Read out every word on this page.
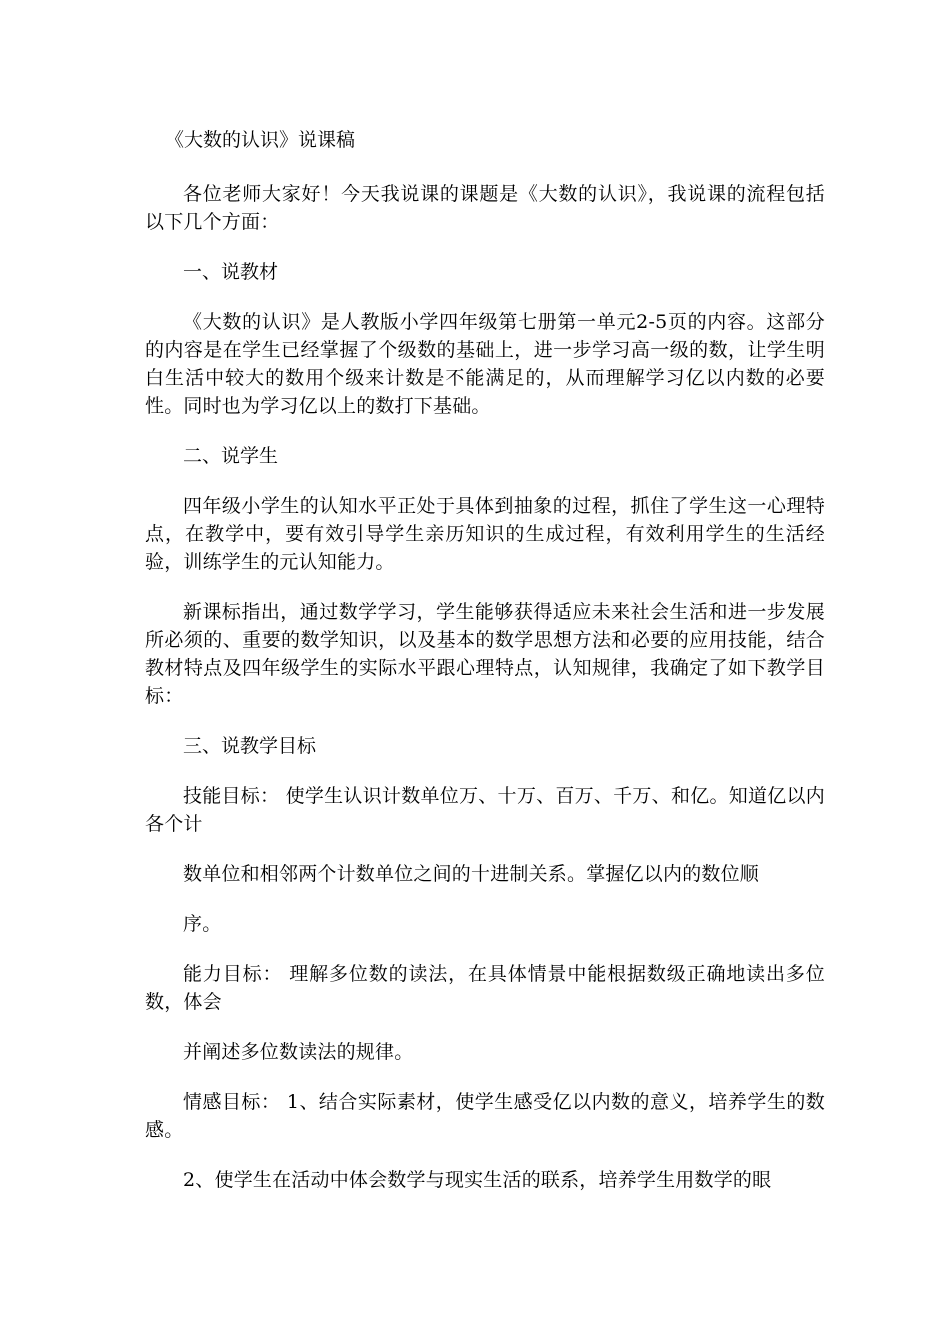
《大数的认识》说课稿

各位老师大家好！今天我说课的课题是《大数的认识》，我说课的流程包括以下几个方面：

一、说教材

《大数的认识》是人教版小学四年级第七册第一单元2-5页的内容。这部分的内容是在学生已经掌握了个级数的基础上，进一步学习高一级的数，让学生明白生活中较大的数用个级来计数是不能满足的，从而理解学习亿以内数的必要性。同时也为学习亿以上的数打下基础。

二、说学生

四年级小学生的认知水平正处于具体到抽象的过程，抓住了学生这一心理特点，在教学中，要有效引导学生亲历知识的生成过程，有效利用学生的生活经验，训练学生的元认知能力。

新课标指出，通过数学学习，学生能够获得适应未来社会生活和进一步发展所必须的、重要的数学知识，以及基本的数学思想方法和必要的应用技能，结合教材特点及四年级学生的实际水平跟心理特点，认知规律，我确定了如下教学目标：

三、说教学目标

技能目标： 使学生认识计数单位万、十万、百万、千万、和亿。知道亿以内各个计

数单位和相邻两个计数单位之间的十进制关系。掌握亿以内的数位顺

序。

能力目标： 理解多位数的读法，在具体情景中能根据数级正确地读出多位数，体会

并阐述多位数读法的规律。

情感目标： 1、结合实际素材，使学生感受亿以内数的意义，培养学生的数感。

2、使学生在活动中体会数学与现实生活的联系，培养学生用数学的眼
